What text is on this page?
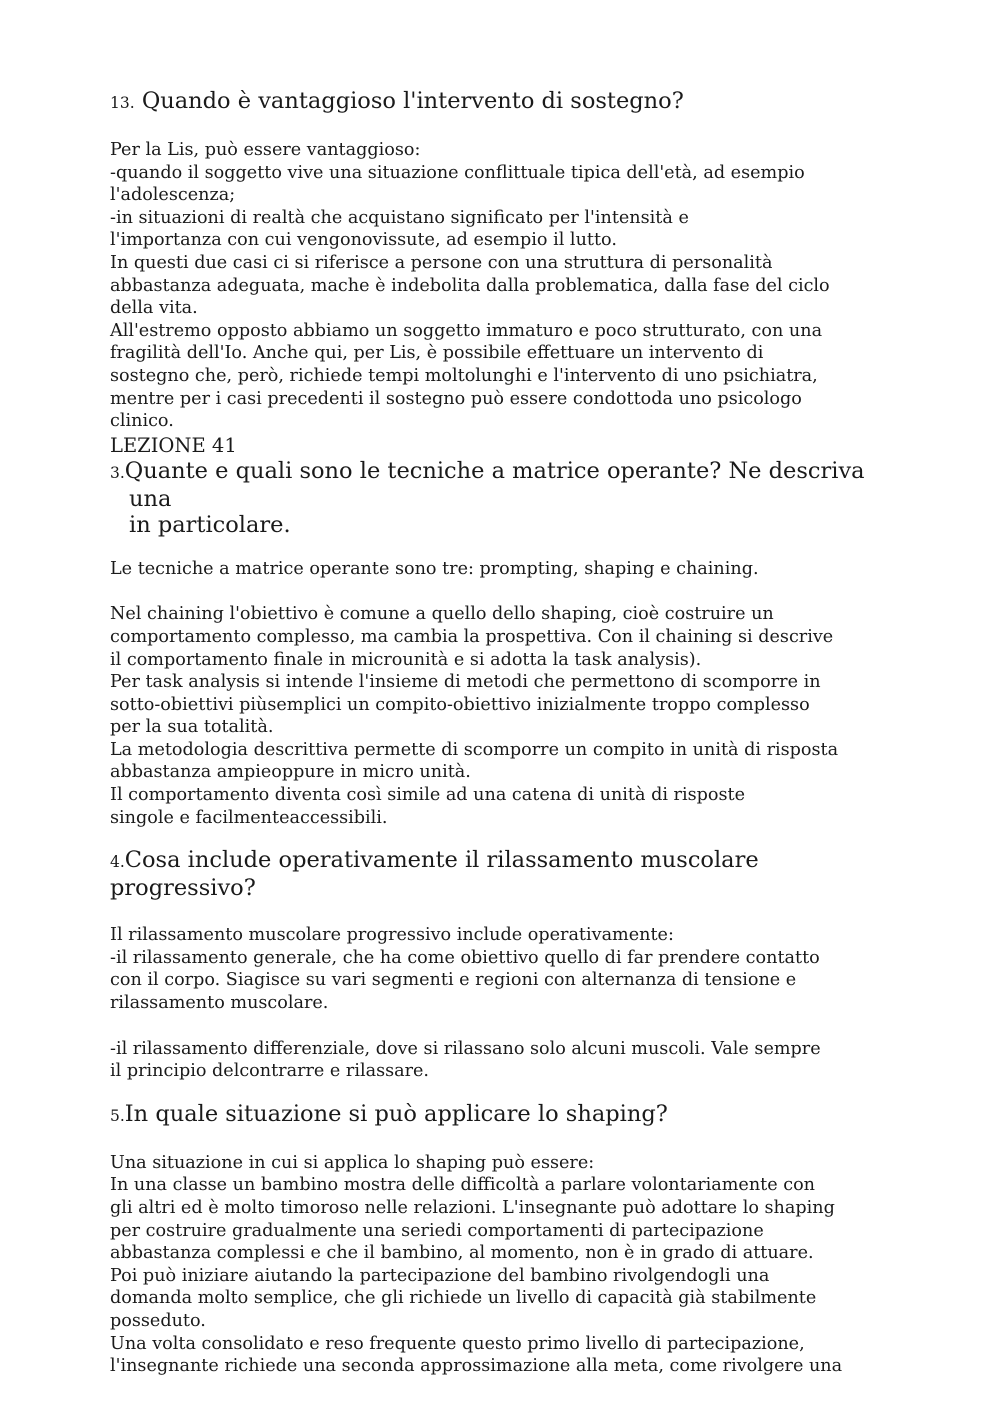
13. Quando è vantaggioso l'intervento di sostegno?

Per la Lis, può essere vantaggioso:

-quando il soggetto vive una situazione conflittuale tipica dell'età, ad esempio

l'adolescenza;

-in situazioni di realtà che acquistano significato per l'intensità e

l'importanza con cui vengonovissute, ad esempio il lutto.

In questi due casi ci si riferisce a persone con una struttura di personalità

abbastanza adeguata, mache è indebolita dalla problematica, dalla fase del ciclo

della vita.

All'estremo opposto abbiamo un soggetto immaturo e poco strutturato, con una

fragilità dell'Io. Anche qui, per Lis, è possibile effettuare un intervento di

sostegno che, però, richiede tempi moltolunghi e l'intervento di uno psichiatra,

mentre per i casi precedenti il sostegno può essere condottoda uno psicologo

clinico.

LEZIONE 41
3.Quante e quali sono le tecniche a matrice operante? Ne descriva una
in particolare.

Le tecniche a matrice operante sono tre: prompting, shaping e chaining.

Nel chaining l'obiettivo è comune a quello dello shaping, cioè costruire un

comportamento complesso, ma cambia la prospettiva. Con il chaining si descrive

il comportamento finale in microunità e si adotta la task analysis).

Per task analysis si intende l'insieme di metodi che permettono di scomporre in

sotto-obiettivi piùsemplici un compito-obiettivo inizialmente troppo complesso

per la sua totalità.

La metodologia descrittiva permette di scomporre un compito in unità di risposta

abbastanza ampieoppure in micro unità.

Il comportamento diventa così simile ad una catena di unità di risposte

singole e facilmenteaccessibili.

4.Cosa include operativamente il rilassamento muscolare progressivo?

Il rilassamento muscolare progressivo include operativamente:

-il rilassamento generale, che ha come obiettivo quello di far prendere contatto

con il corpo. Siagisce su vari segmenti e regioni con alternanza di tensione e

rilassamento muscolare.

-il rilassamento differenziale, dove si rilassano solo alcuni muscoli. Vale sempre

il principio delcontrarre e rilassare.

5.In quale situazione si può applicare lo shaping?

Una situazione in cui si applica lo shaping può essere:

In una classe un bambino mostra delle difficoltà a parlare volontariamente con

gli altri ed è molto timoroso nelle relazioni. L'insegnante può adottare lo shaping

per costruire gradualmente una seriedi comportamenti di partecipazione

abbastanza complessi e che il bambino, al momento, non è in grado di attuare.

Poi può iniziare aiutando la partecipazione del bambino rivolgendogli una

domanda molto semplice, che gli richiede un livello di capacità già stabilmente

posseduto.

Una volta consolidato e reso frequente questo primo livello di partecipazione,

l'insegnante richiede una seconda approssimazione alla meta, come rivolgere una
